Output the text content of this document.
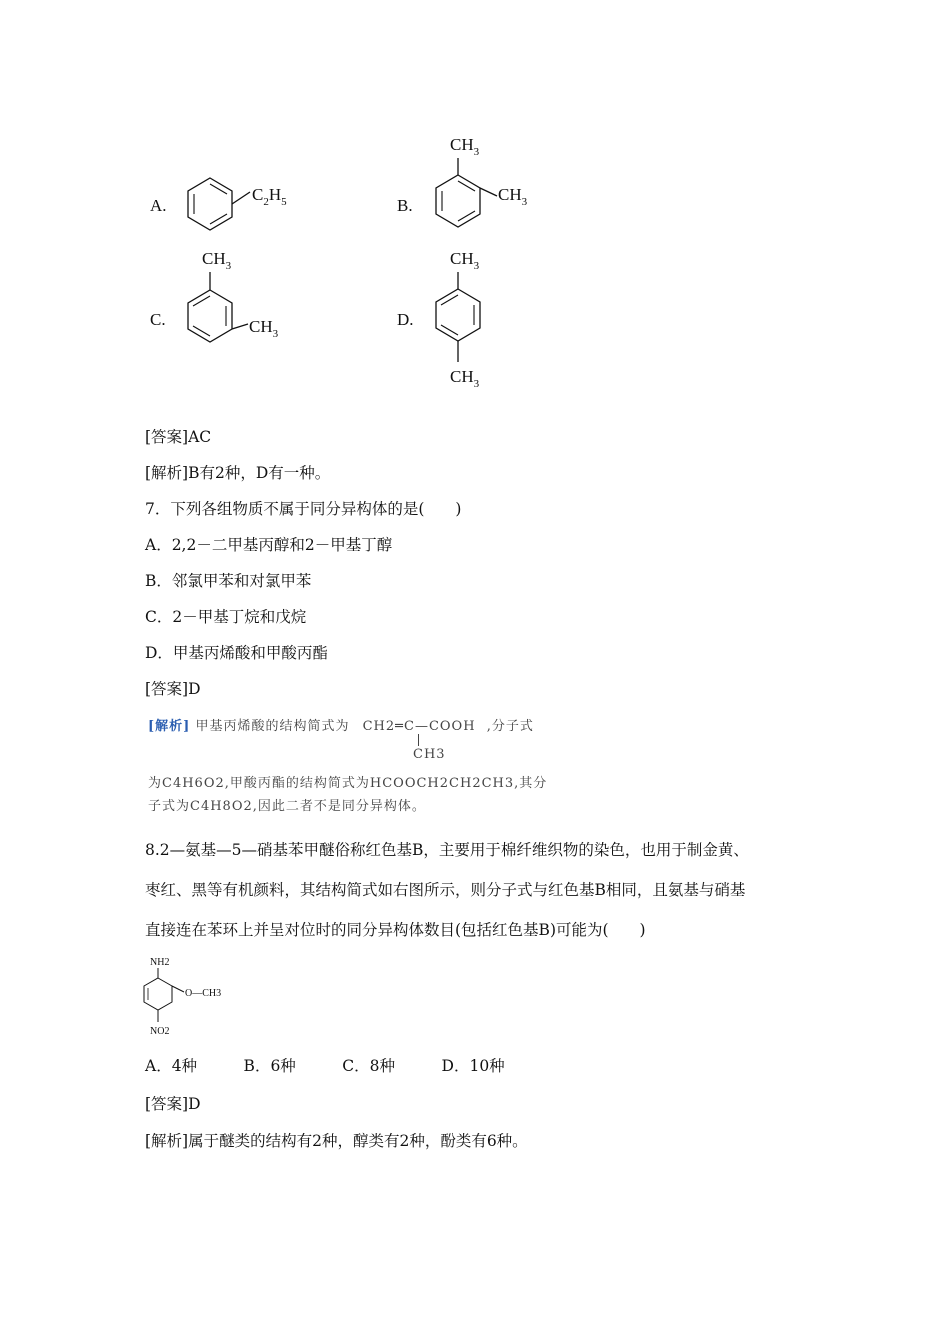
A.
$C_2H_5$	B.
$CH_3$
$CH_3$
C.
$CH_3$
$CH_3$
D.
$CH_3$
$CH_3$
[答案]AC
[解析]B有2种，D有一种。
7．下列各组物质不属于同分异构体的是(　　)
A．2,2－二甲基丙醇和2－甲基丁醇
B．邻氯甲苯和对氯甲苯
C．2－甲基丁烷和戊烷
D．甲基丙烯酸和甲酸丙酯
[答案]D
[解析] 甲基丙烯酸的结构简式为 CH2═C—COOH ,分子式
CH3
为C4H6O2,甲酸丙酯的结构简式为HCOOCH2CH2CH3,其分
子式为C4H8O2,因此二者不是同分异构体。
8.2—氨基—5—硝基苯甲醚俗称红色基B，主要用于棉纤维织物的染色，也用于制金黄、
枣红、黑等有机颜料，其结构简式如右图所示，则分子式与红色基B相同，且氨基与硝基
直接连在苯环上并呈对位时的同分异构体数目(包括红色基B)可能为(　　)
NH2
O—CH3
NO2
A．4种　　　B．6种　　　C．8种　　　D．10种
[答案]D
[解析]属于醚类的结构有2种，醇类有2种，酚类有6种。
